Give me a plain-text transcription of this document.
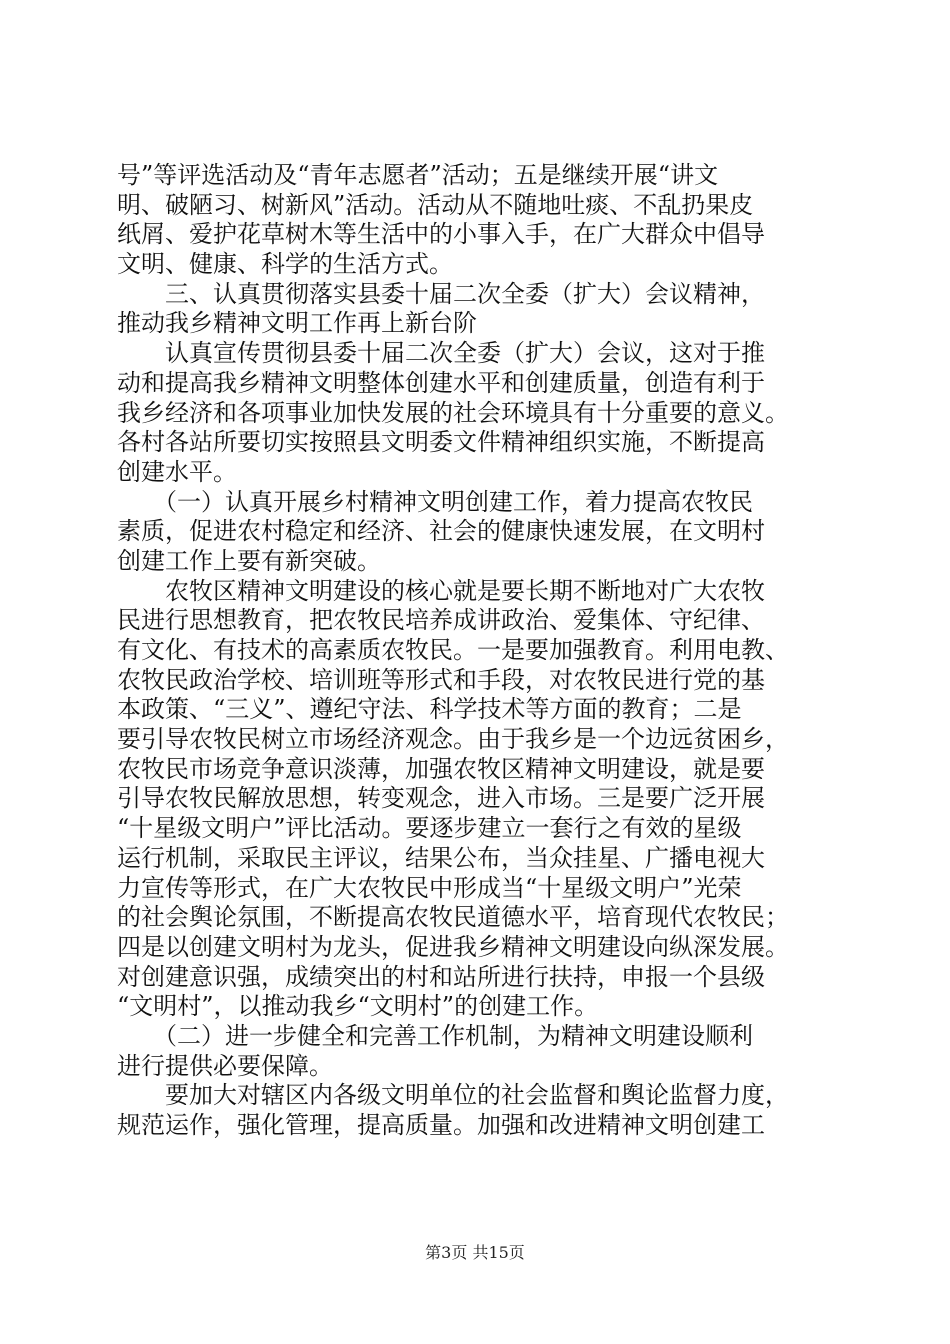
号”等评选活动及“青年志愿者”活动；五是继续开展“讲文
明、破陋习、树新风”活动。活动从不随地吐痰、不乱扔果皮
纸屑、爱护花草树木等生活中的小事入手，在广大群众中倡导
文明、健康、科学的生活方式。
　　三、认真贯彻落实县委十届二次全委（扩大）会议精神，
推动我乡精神文明工作再上新台阶
　　认真宣传贯彻县委十届二次全委（扩大）会议，这对于推
动和提高我乡精神文明整体创建水平和创建质量，创造有利于
我乡经济和各项事业加快发展的社会环境具有十分重要的意义。
各村各站所要切实按照县文明委文件精神组织实施，不断提高
创建水平。
　　（一）认真开展乡村精神文明创建工作，着力提高农牧民
素质，促进农村稳定和经济、社会的健康快速发展，在文明村
创建工作上要有新突破。
　　农牧区精神文明建设的核心就是要长期不断地对广大农牧
民进行思想教育，把农牧民培养成讲政治、爱集体、守纪律、
有文化、有技术的高素质农牧民。一是要加强教育。利用电教、
农牧民政治学校、培训班等形式和手段，对农牧民进行党的基
本政策、“三义”、遵纪守法、科学技术等方面的教育；二是
要引导农牧民树立市场经济观念。由于我乡是一个边远贫困乡，
农牧民市场竞争意识淡薄，加强农牧区精神文明建设，就是要
引导农牧民解放思想，转变观念，进入市场。三是要广泛开展
“十星级文明户”评比活动。要逐步建立一套行之有效的星级
运行机制，采取民主评议，结果公布，当众挂星、广播电视大
力宣传等形式，在广大农牧民中形成当“十星级文明户”光荣
的社会舆论氛围，不断提高农牧民道德水平，培育现代农牧民；
四是以创建文明村为龙头，促进我乡精神文明建设向纵深发展。
对创建意识强，成绩突出的村和站所进行扶持，申报一个县级
“文明村”，以推动我乡“文明村”的创建工作。
　　（二）进一步健全和完善工作机制，为精神文明建设顺利
进行提供必要保障。
　　要加大对辖区内各级文明单位的社会监督和舆论监督力度，
规范运作，强化管理，提高质量。加强和改进精神文明创建工
第3页 共15页
